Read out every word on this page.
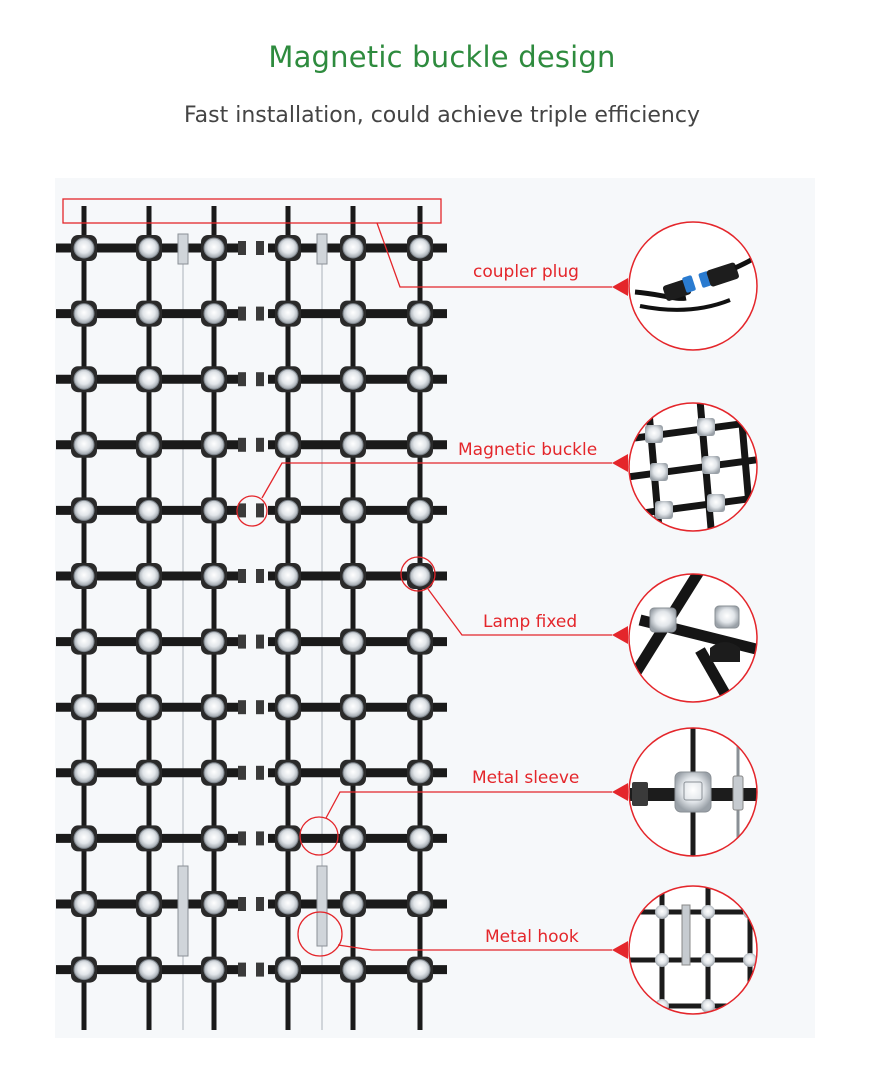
Magnetic buckle design
Fast installation, could achieve triple efficiency
coupler plug
Magnetic buckle
Lamp fixed
Metal sleeve
Metal hook
